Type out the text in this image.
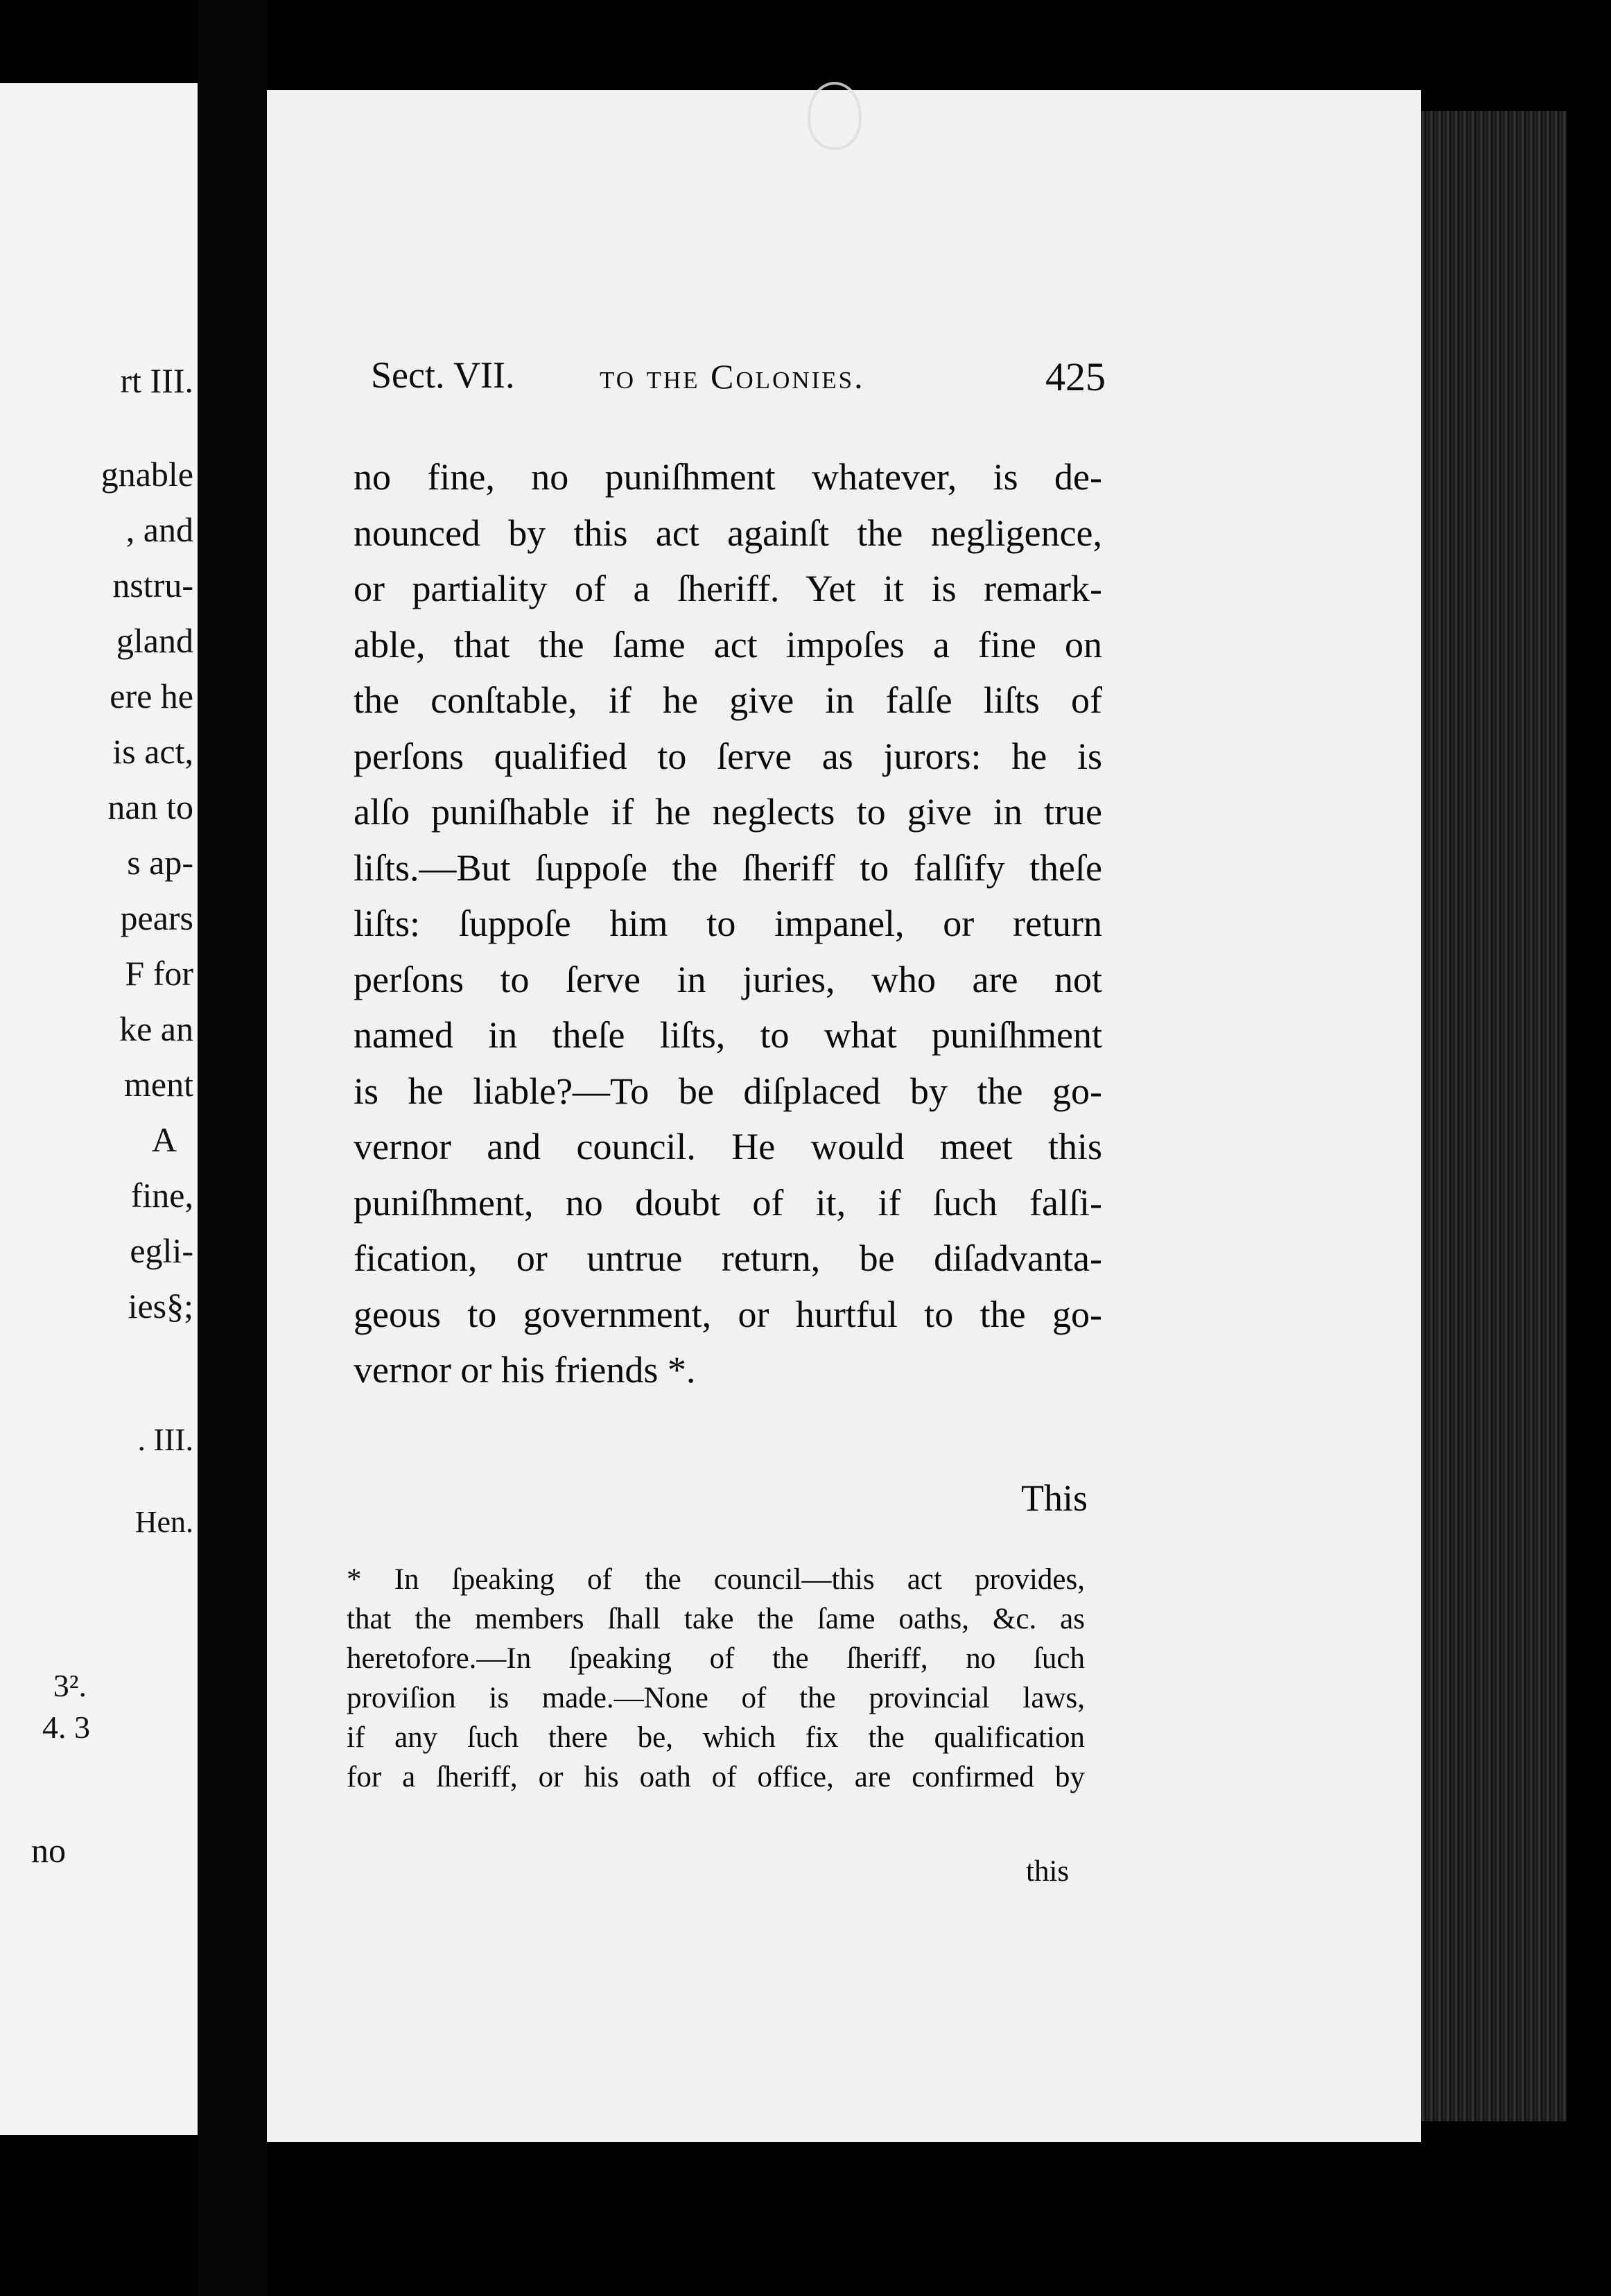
rt III.
gnable
, and
nstru-
gland
ere he
is act,
nan to
s ap-
pears
F for
ke an
ment
A
fine,
egli-
ies§;
. III.
Hen.
3².
4. 3
no
Sect. VII. to the Colonies.	425
no fine, no puniſhment whatever, is de-
nounced by this act againſt the negligence,
or partiality of a ſheriff. Yet it is remark-
able, that the ſame act impoſes a fine on
the conſtable, if he give in falſe liſts of
perſons qualified to ſerve as jurors: he is
alſo puniſhable if he neglects to give in true
liſts.—But ſuppoſe the ſheriff to falſify theſe
liſts: ſuppoſe him to impanel, or return
perſons to ſerve in juries, who are not
named in theſe liſts, to what puniſhment
is he liable?—To be diſplaced by the go-
vernor and council. He would meet this
puniſhment, no doubt of it, if ſuch falſi-
fication, or untrue return, be diſadvanta-
geous to government, or hurtful to the go-
vernor or his friends *.
This
* In ſpeaking of the council—this act provides,
that the members ſhall take the ſame oaths, &c. as
heretofore.—In ſpeaking of the ſheriff, no ſuch
proviſion is made.—None of the provincial laws,
if any ſuch there be, which fix the qualification
for a ſheriff, or his oath of office, are confirmed by
this
